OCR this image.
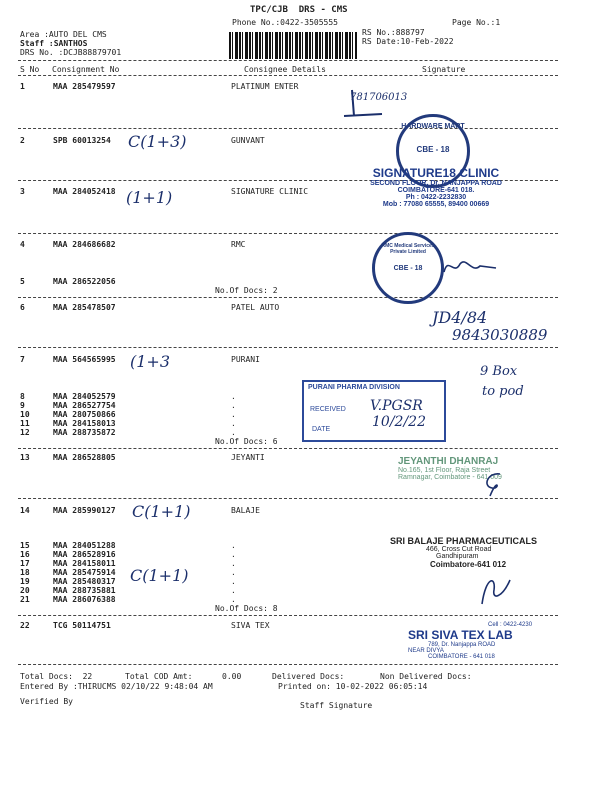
TPC/CJB  DRS - CMS
Phone No.:0422-3505555	Page No.:1
Area :AUTO DEL CMS
Staff :SANTHOS
DRS No. :DCJB88879701
RS No.:888797
RS Date:10-Feb-2022
S No Consignment No	Consignee Details	Signature
1	MAA 285479597	PLATINUM ENTER
2	SPB 60013254	GUNVANT
3	MAA 284052418	SIGNATURE CLINIC
4	MAA 284686682	RMC
5	MAA 286522056
No.Of Docs: 2
6	MAA 285478507	PATEL AUTO
7	MAA 564565995	PURANI
8	MAA 284052579	.
9	MAA 286527754	.
10	MAA 280750866	.
11	MAA 284158013	.
12	MAA 288735872	.
No.Of Docs: 6
13	MAA 286528805	JEYANTI
14	MAA 285990127	BALAJE
15	MAA 284051288	.
16	MAA 286528916	.
17	MAA 284158011	.
18	MAA 285475914	.
19	MAA 285480317	.
20	MAA 288735881	.
21	MAA 286076388	.
No.Of Docs: 8
22	TCG 50114751	SIVA TEX
Total Docs:  22	Total COD Amt:	0.00	Delivered Docs:	Non Delivered Docs:
Entered By :THIRUCMS 02/10/22 9:48:04 AM	Printed on: 10-02-2022 06:05:14
Verified By	Staff Signature
HARDWARE MART
CBE - 18
SIGNATURE18 CLINIC
SECOND FLOOR, Dr. NANJAPPA ROAD
COIMBATORE-641 018.
Ph : 0422-2232830
Mob : 77080 65555, 89400 00669
RMC Medical Services Private Limited
CBE - 18
PURANI PHARMA DIVISION
RECEIVED
DATE
JEYANTHI DHANRAJ
No.165, 1st Floor, Raja Street
Ramnagar, Coimbatore - 641 009
SRI BALAJE PHARMACEUTICALS
466, Cross Cut Road
Gandhipuram
Coimbatore-641 012
Cell : 0422-4230
SRI SIVA TEX LAB
789, Dr. Nanjappa ROAD
NEAR DIVYA
COIMBATORE - 641 018
781706013
C(1+3)
(1+1)
(1+3
JD4/84
9843030889
9 Box
to pod
V.PGSR
10/2/22
C(1+1)
C(1+1)
